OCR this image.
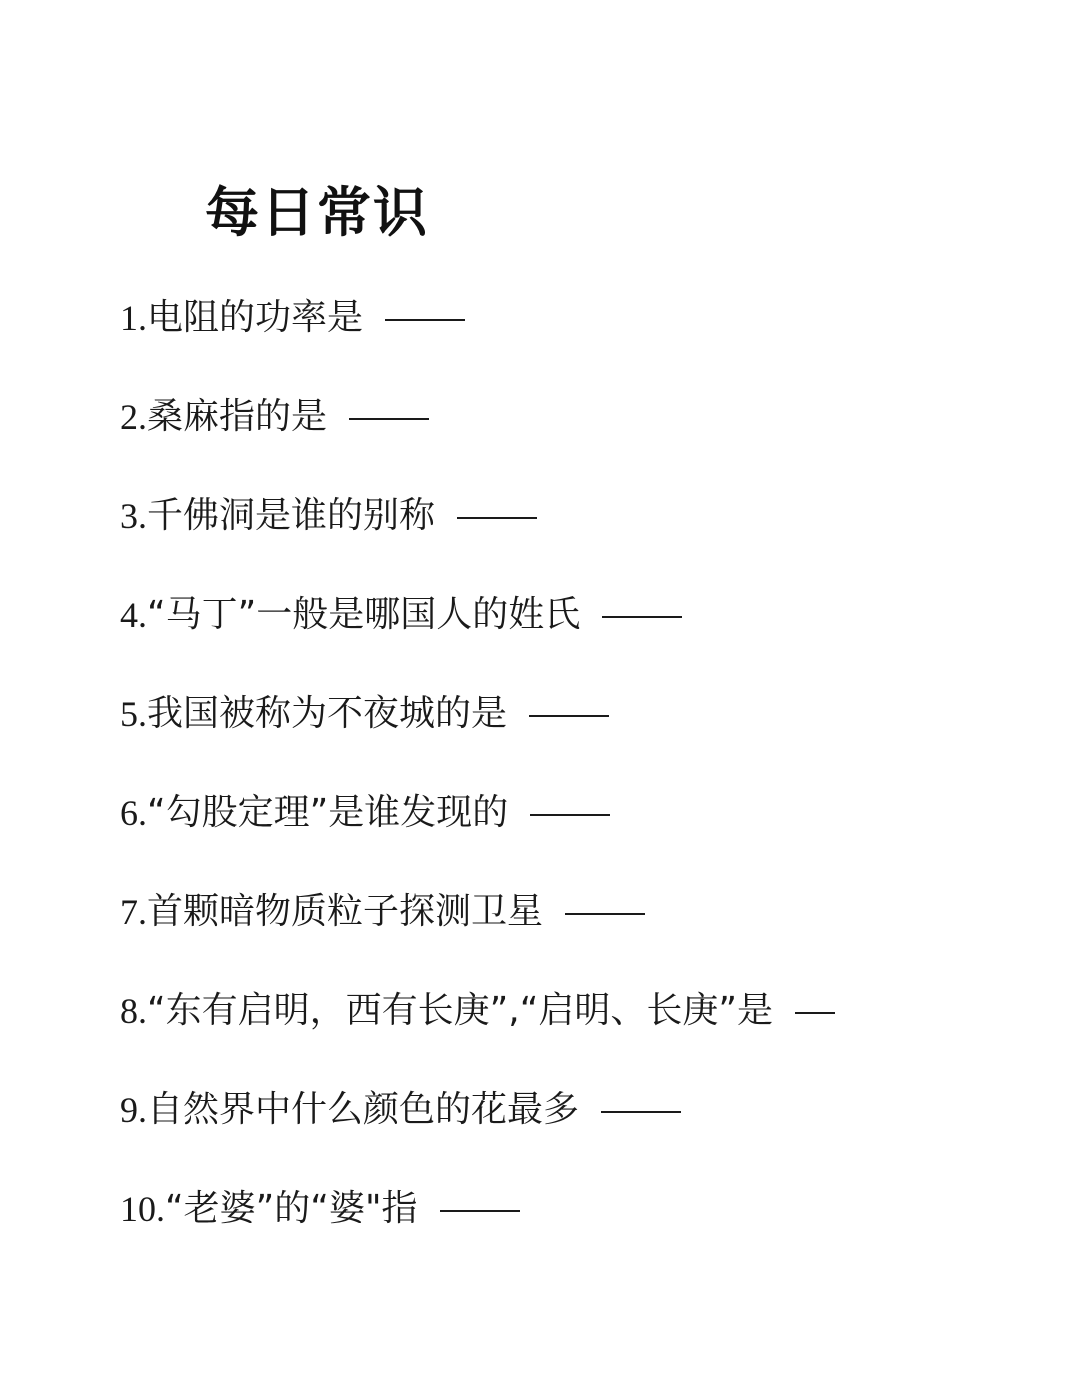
每日常识
1. 电阻的功率是
2. 桑麻指的是
3. 千佛洞是谁的别称
4. “马丁”一般是哪国人的姓氏
5. 我国被称为不夜城的是
6. “勾股定理”是谁发现的
7. 首颗暗物质粒子探测卫星
8. “东有启明，西有长庚”,“启明、长庚”是
9. 自然界中什么颜色的花最多
10. “老婆”的“婆"指
